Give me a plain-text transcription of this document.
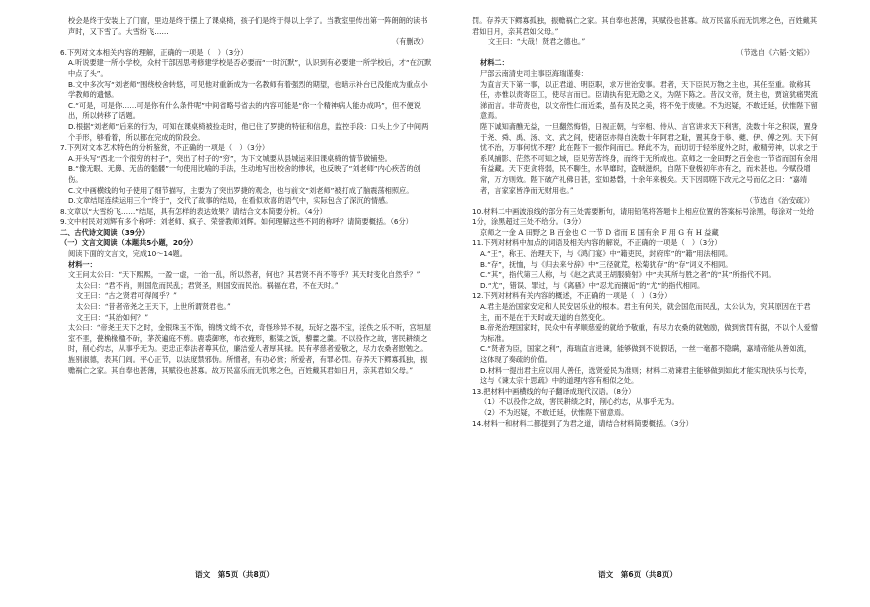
校会是终于安装上了门窗，里边是终于摆上了课桌椅，孩子们是终于得以上学了。当教室里传出第一阵朗朗的读书声时，又下雪了。大雪纷飞……

（有删改）

6.下列对文本相关内容的理解，正确的一项是（　）（3分）

A.听说要建一所小学校，众村干部因思考修建学校是否必要而“一时沉默”，认识到有必要建一所学校后，才“在沉默中点了头”。

B.文中多次写“刘老师”围绕校舍转悠，可见他对重新成为一名教师有着强烈的期望，也暗示补台已没能成为重点小学教师的遗憾。

C.“可是，可是你……可是你有什么条件呢”中间省略号省去的内容可能是“你一个精神病人能办成吗”，但不便说出，所以转移了话题。

D.根据“刘老师”后来的行为，可知在课桌椅被捡走时，他已住了罗捷的特征和信息，监控手段：口头上少了中间两个手形，够看着，所以都在完成的阶段会。

7.下列对文本艺术特色的分析鉴赏，不正确的一项是（　）（3分）

A.开头写“西北一个很穷的村子”，突出了村子的“穷”，为下文城要从县城运来旧课桌椅的情节做铺垫。

B.“像无眼、无鼻、无齿的骷髅”一句使用比喻的手法，生动地写出校舍的惨状，也反映了“刘老师”内心疾苦的创伤。

C.文中画横线的句子使用了细节描写，主要为了突出罗捷的观念，也与前文“刘老师”被打成了脑震荡相照应。

D.文章结尾连续运用三个“终于”，交代了故事的结局，在看似欢喜的语气中，实际包含了深沉的情感。

8.文章以“大雪纷飞……”结尾，具有怎样的表达效果？请结合文本简要分析。（4分）

9.文中村民对刘辉有多个称呼：刘老师、疯子、荣誉教师刘辉。如何理解这些不同的称呼？请简要概括。（6分）

二、古代诗文阅读（39分）

（一）文言文阅读（本题共5小题，20分）

阅读下面的文言文，完成10～14题。

材料一：

文王问太公曰：“天下熙熙，一盈一虚，一治一乱，所以然者，何也？其君贤不肖不等乎？其天时变化自然乎？”

太公曰：“君不肖，则国危而民乱；君贤圣，则国安而民治。祸福在君，不在天时。”

文王曰：“古之贤君可得闻乎？”

太公曰：“昔者帝尧之王天下，上世所谓贤君也。”

文王曰：“其治如何？”

太公曰：“帝尧王天下之时，金银珠玉不饰，锦绣文绮不衣，奇怪珍异不视，玩好之器不宝，淫佚之乐不听，宫垣屋室不垩，甍桷椽楹不斫，茅茨遍庭不剪。鹿裘御寒，布衣掩形，粝粱之饭，藜藿之羹。不以役作之故，害民耕绩之时，削心约志，从事乎无为。吏忠正奉法者尊其位，廉洁爱人者厚其禄。民有孝慈者爱敬之，尽力农桑者慰勉之。旌别淑德，表其门闾。平心正节，以法度禁邪伪。所憎者，有功必赏；所爱者，有罪必罚。存养天下鳏寡孤独，振赡祸亡之家。其自奉也甚薄，其赋役也甚寡。故万民富乐而无饥寒之色，百姓戴其君如日月，亲其君如父母。”

罚。存养天下鳏寡孤独，振赡祸亡之家。其自奉也甚薄，其赋役也甚寡。故万民富乐而无饥寒之色，百姓戴其君如日月，亲其君如父母。”

文王曰：“大哉！贤君之德也。”

（节选自《六韬·文韬》）

材料二：

尸部云南清史司主事臣海瑞谨奏：

为直言天下第一事，以正君道、明臣职，求万世治安事。君者，天下臣民万物之主也，其任至重。欲称其任，亦惟以责寄臣工，使尽言而已。臣请执有犯无隐之义，为陛下陈之。昔汉文帝，贤主也，贾谊犹痛哭流涕而言。非苛责也，以文帝性仁而近柔，虽有及民之美，将不免于废驰。不为迟疑，不敢迁延，伏惟陛下留意焉。

陛下诚知斋醮无益，一旦翻然悔悟，日视正朝，与宰相、侍从、言官讲求天下利害，洗数十年之积误，置身于尧、舜、禹、汤、文、武之间，使诸臣亦得自洗数十年阿君之耻，置其身于皋、夔、伊、傅之列。天下何忧不治，万事何忧不理？此在陛下一振作间而已。释此不为，而切切于轻举度外之时，敝精劳神，以求之于系风捕影、茫然不可知之域，臣见劳苦终身，而终于无所成也。京师之一金田野之百金也一节省而国有余用有益藏。天下吏贪将弱，民不聊生，水旱靡时，盗贼滋炽，自陛下登极初年亦有之，而未甚也。今赋役增常，万方则效。陛下破产礼佛日甚，室如悬磬，十余年来极矣。天下因即陛下改元之号而亿之曰：“嘉靖者，言家家皆净而无财用也。”

（节选自《治安疏》）

10.材料二中画波浪线的部分有三处需要断句，请用铅笔将答题卡上相应位置的答案标号涂黑，每涂对一处给1分，涂黑超过三处不给分。（3分）

京师之一金 A 田野之 B 百金也 C 一节 D 省而 E 国有余 F 用 G 有 H 益藏

11.下列对材料中加点的词语及相关内容的解说，不正确的一项是（　）（3分）

A.“王”，称王、治理天下，与《鸿门宴》中“籍吏民，封府库”的“籍”用法相同。

B.“存”，抚恤，与《归去来兮辞》中“三径就荒，松菊犹存”的“存”词义不相同。

C.“其”，指代第三人称，与《赵之武灵王胡服骑射》中“夫其所与胜之者”的“其”所指代不同。

D.“尤”，错误、罪过，与《离骚》中“忍尤而攘诟”的“尤”的指代相同。

12.下列对材料有关内容的概述，不正确的一项是（　）（3分）

A.君主是治国家安定和人民安居乐业的根本。君主有何关，就会国危而民乱，太公认为，究其原因在于君主，而不是在于天时或天道的自然变化。

B.帝尧治理国家时，民众中有孝顺慈爱的就给予敬重，有尽力农桑的就勉励，做到赏罚有据，不以个人爱憎为标准。

C.“贤者为臣，国家之利”，海瑞直言进谏，能够做到不说假话，一丝一毫都不隐瞒，嘉靖帝能从善如流，这体现了奏疏的价值。

D.材料一提出君主应以用人善任，选贤爱民为准则；材料二劝谏君主能够做到如此才能实现快乐与长寿，这与《谏太宗十思疏》中的道理内容有相似之处。

13.把材料中画横线的句子翻译成现代汉语。（8分）

（1）不以役作之故，害民耕绩之时，削心约志，从事乎无为。

（2）不为迟疑，不敢迁延，伏惟陛下留意焉。

14.材料一和材料二都提到了为君之道，请结合材料简要概括。（3分）

语文　第5页（共8页）	语文　第6页（共8页）
